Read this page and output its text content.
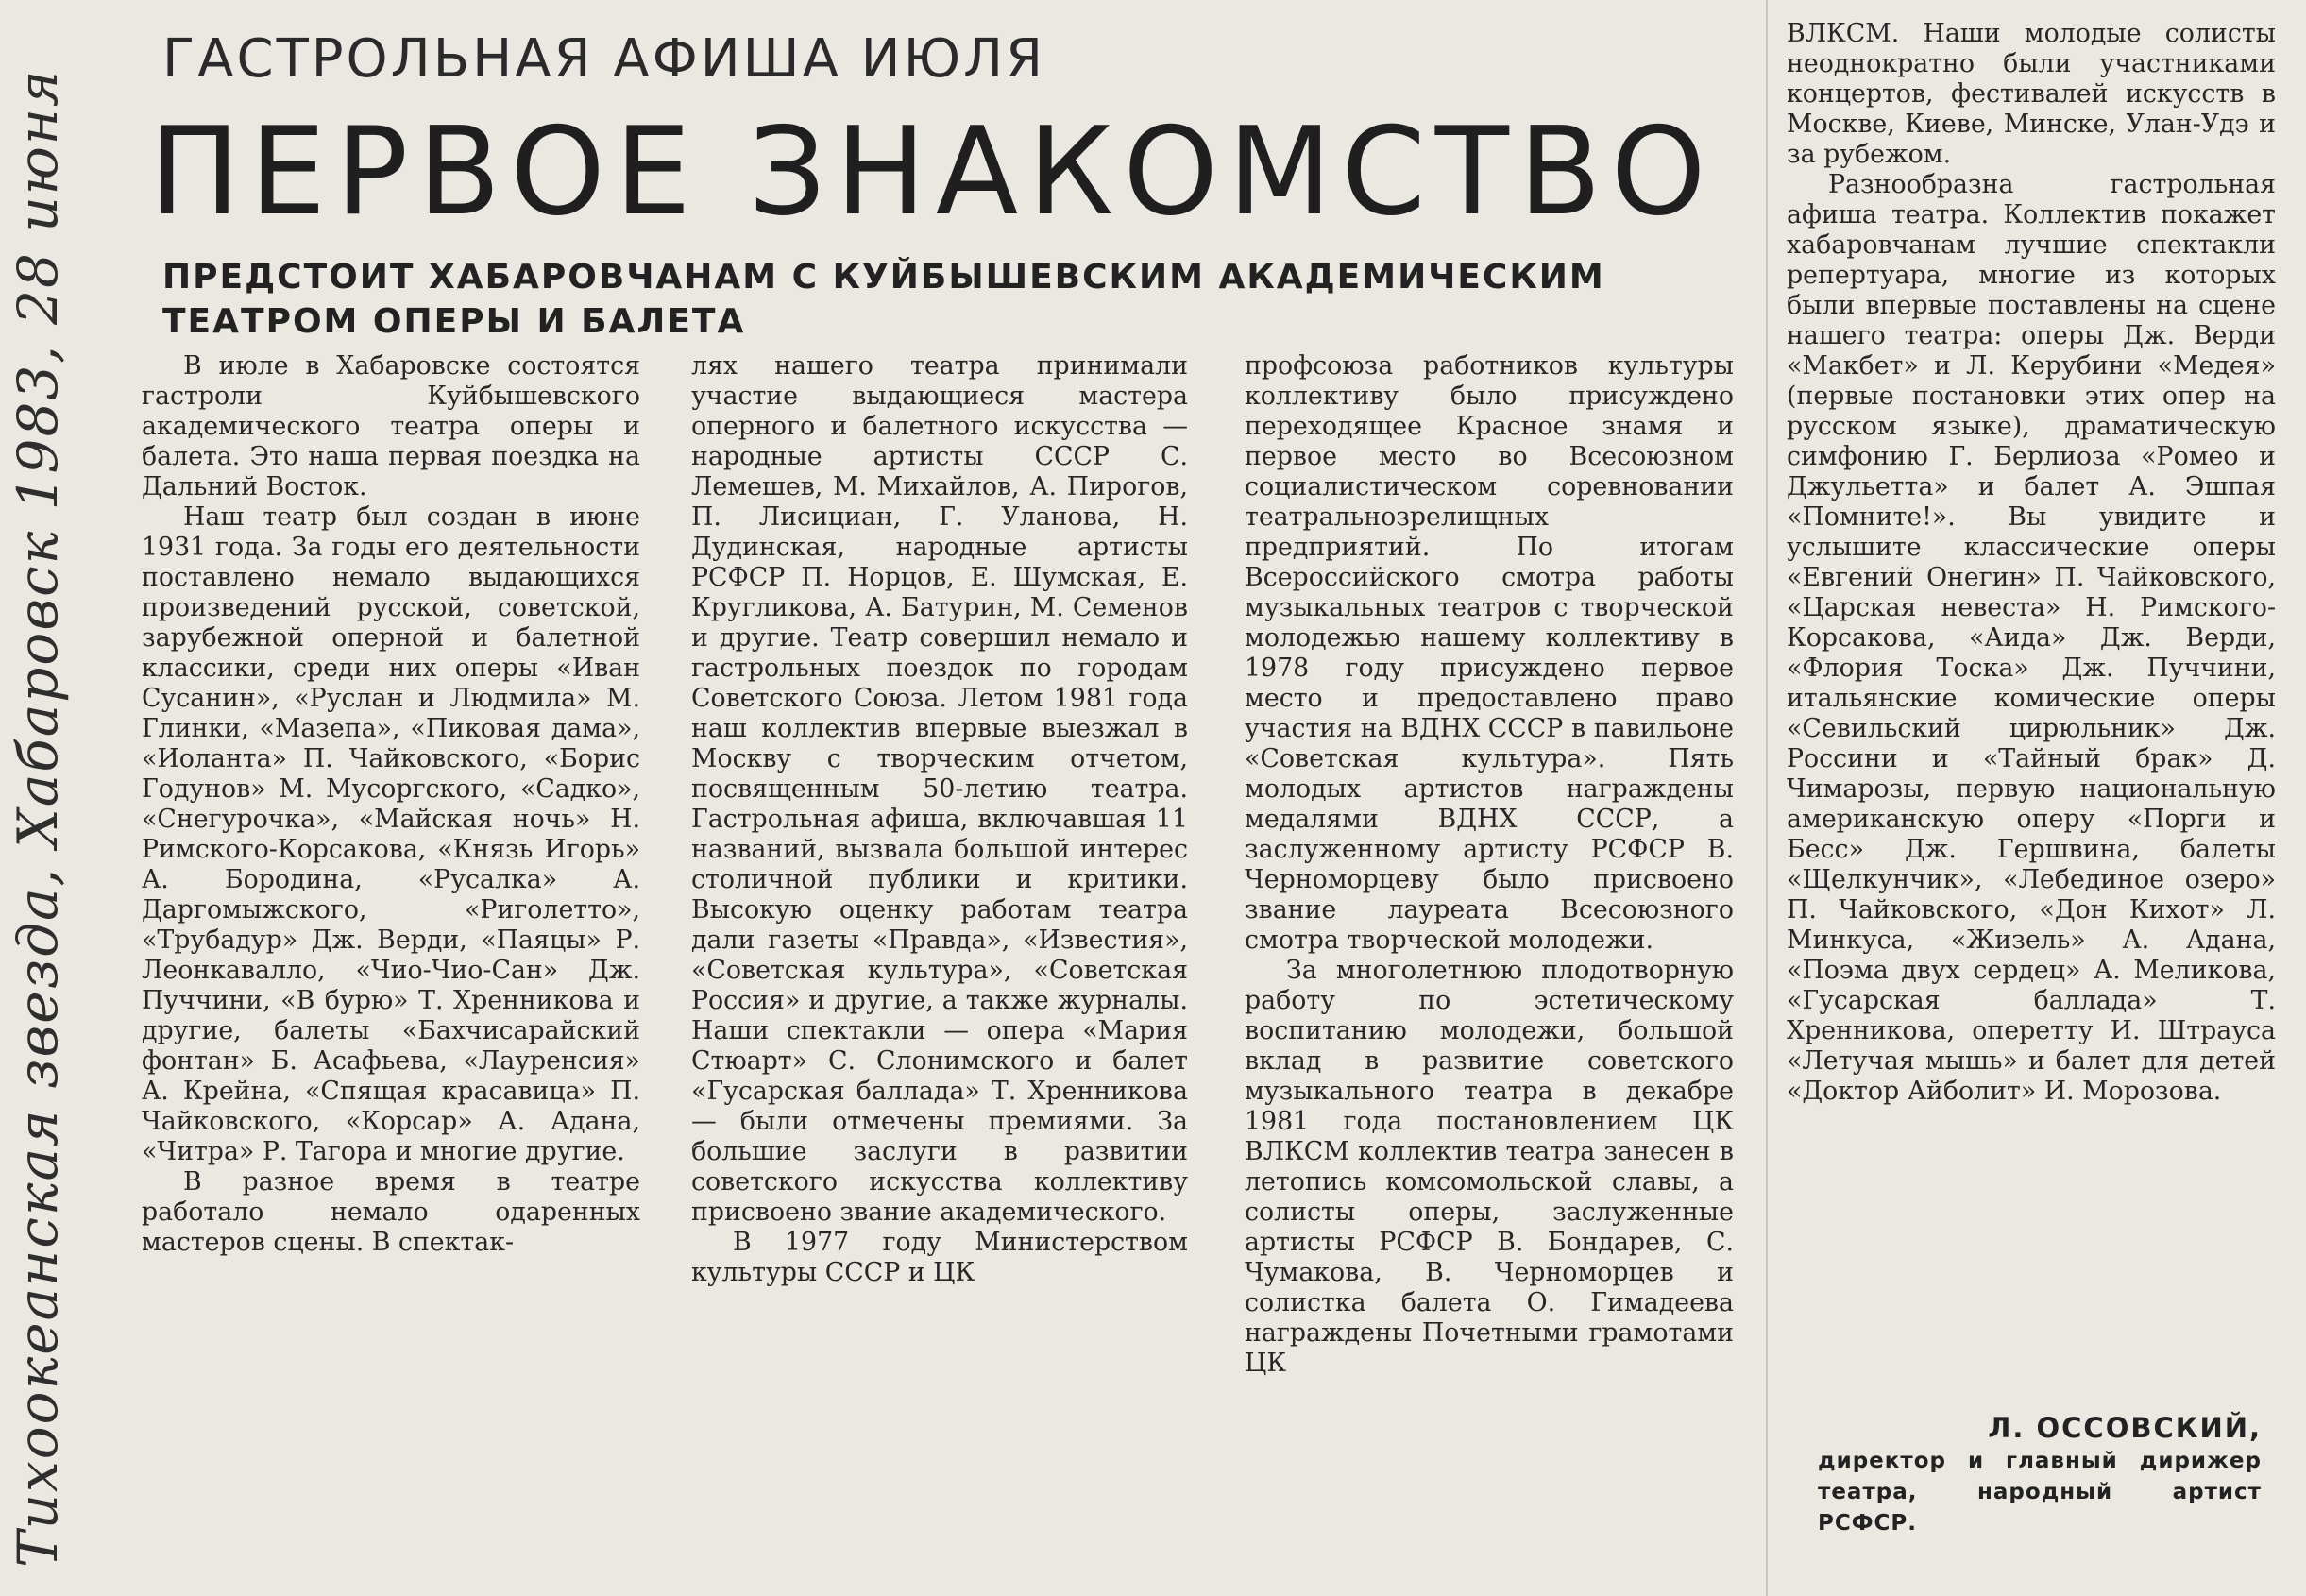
Тихоокеанская звезда, Хабаровск 1983, 28 июня
ГАСТРОЛЬНАЯ АФИША ИЮЛЯ
ПЕРВОЕ ЗНАКОМСТВО
ПРЕДСТОИТ ХАБАРОВЧАНАМ С КУЙБЫШЕВСКИМ АКАДЕМИЧЕСКИМ ТЕАТРОМ ОПЕРЫ И БАЛЕТА

В июле в Хабаровске состоятся гастроли Куйбышевского академического театра оперы и балета. Это наша первая поездка на Дальний Восток.

Наш театр был создан в июне 1931 года. За годы его деятельности поставлено немало выдающихся произведений русской, советской, зарубежной оперной и балетной классики, среди них оперы «Иван Сусанин», «Руслан и Людмила» М. Глинки, «Мазепа», «Пиковая дама», «Иоланта» П. Чайковского, «Борис Годунов» М. Мусоргского, «Садко», «Снегурочка», «Майская ночь» Н. Римского-Корсакова, «Князь Игорь» А. Бородина, «Русалка» А. Даргомыжского, «Риголетто», «Трубадур» Дж. Верди, «Паяцы» Р. Леонкавалло, «Чио-Чио-Сан» Дж. Пуччини, «В бурю» Т. Хренникова и другие, балеты «Бахчисарайский фонтан» Б. Асафьева, «Лауренсия» А. Крейна, «Спящая красавица» П. Чайковского, «Корсар» А. Адана, «Читра» Р. Тагора и многие другие.

В разное время в театре работало немало одаренных мастеров сцены. В спектак-

лях нашего театра принимали участие выдающиеся мастера оперного и балетного искусства — народные артисты СССР С. Лемешев, М. Михайлов, А. Пирогов, П. Лисициан, Г. Уланова, Н. Дудинская, народные артисты РСФСР П. Норцов, Е. Шумская, Е. Кругликова, А. Батурин, М. Семенов и другие. Театр совершил немало и гастрольных поездок по городам Советского Союза. Летом 1981 года наш коллектив впервые выезжал в Москву с творческим отчетом, посвященным 50-летию театра. Гастрольная афиша, включавшая 11 названий, вызвала большой интерес столичной публики и критики. Высокую оценку работам театра дали газеты «Правда», «Известия», «Советская культура», «Советская Россия» и другие, а также журналы. Наши спектакли — опера «Мария Стюарт» С. Слонимского и балет «Гусарская баллада» Т. Хренникова — были отмечены премиями. За большие заслуги в развитии советского искусства коллективу присвоено звание академического.

В 1977 году Министерством культуры СССР и ЦК

профсоюза работников культуры коллективу было присуждено переходящее Красное знамя и первое место во Всесоюзном социалистическом соревновании театральнозрелищных предприятий. По итогам Всероссийского смотра работы музыкальных театров с творческой молодежью нашему коллективу в 1978 году присуждено первое место и предоставлено право участия на ВДНХ СССР в павильоне «Советская культура». Пять молодых артистов награждены медалями ВДНХ СССР, а заслуженному артисту РСФСР В. Черноморцеву было присвоено звание лауреата Всесоюзного смотра творческой молодежи.

За многолетнюю плодотворную работу по эстетическому воспитанию молодежи, большой вклад в развитие советского музыкального театра в декабре 1981 года постановлением ЦК ВЛКСМ коллектив театра занесен в летопись комсомольской славы, а солисты оперы, заслуженные артисты РСФСР В. Бондарев, С. Чумакова, В. Черноморцев и солистка балета О. Гимадеева награждены Почетными грамотами ЦК

ВЛКСМ. Наши молодые солисты неоднократно были участниками концертов, фестивалей искусств в Москве, Киеве, Минске, Улан-Удэ и за рубежом.

Разнообразна гастрольная афиша театра. Коллектив покажет хабаровчанам лучшие спектакли репертуара, многие из которых были впервые поставлены на сцене нашего театра: оперы Дж. Верди «Макбет» и Л. Керубини «Медея» (первые постановки этих опер на русском языке), драматическую симфонию Г. Берлиоза «Ромео и Джульетта» и балет А. Эшпая «Помните!». Вы увидите и услышите классические оперы «Евгений Онегин» П. Чайковского, «Царская невеста» Н. Римского-Корсакова, «Аида» Дж. Верди, «Флория Тоска» Дж. Пуччини, итальянские комические оперы «Севильский цирюльник» Дж. Россини и «Тайный брак» Д. Чимарозы, первую национальную американскую оперу «Порги и Бесс» Дж. Гершвина, балеты «Щелкунчик», «Лебединое озеро» П. Чайковского, «Дон Кихот» Л. Минкуса, «Жизель» А. Адана, «Поэма двух сердец» А. Меликова, «Гусарская баллада» Т. Хренникова, оперетту И. Штрауса «Летучая мышь» и балет для детей «Доктор Айболит» И. Морозова.

Л. ОССОВСКИЙ,
директор и главный дирижер театра, народный артист РСФСР.
